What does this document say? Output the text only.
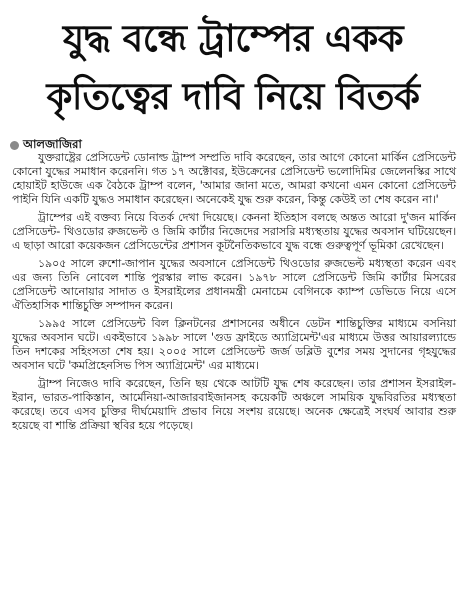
যুদ্ধ বন্ধে ট্রাম্পের একক
কৃতিত্বের দাবি নিয়ে বিতর্ক
আলজাজিরা

যুক্তরাষ্ট্রের প্রেসিডেন্ট ডোনাল্ড ট্রাম্প সম্প্রতি দাবি করেছেন, তার আগে কোনো মার্কিন প্রেসিডেন্ট কোনো যুদ্ধের সমাধান করেননি। গত ১৭ অক্টোবর, ইউক্রেনের প্রেসিডেন্ট ভলোদিমির জেলেনস্কির সাথে হোয়াইট হাউজে এক বৈঠকে ট্রাম্প বলেন, 'আমার জানা মতে, আমরা কখনো এমন কোনো প্রেসিডেন্ট পাইনি যিনি একটি যুদ্ধও সমাধান করেছেন। অনেকেই যুদ্ধ শুরু করেন, কিন্তু কেউই তা শেষ করেন না।'

ট্রাম্পের এই বক্তব্য নিয়ে বিতর্ক দেখা দিয়েছে। কেননা ইতিহাস বলছে অন্তত আরো দু'জন মার্কিন প্রেসিডেন্ট- থিওডোর রুজভেল্ট ও জিমি কার্টার নিজেদের সরাসরি মধ্যস্থতায় যুদ্ধের অবসান ঘটিয়েছেন। এ ছাড়া আরো কয়েকজন প্রেসিডেন্টের প্রশাসন কূটনৈতিকভাবে যুদ্ধ বন্ধে গুরুত্বপূর্ণ ভূমিকা রেখেছেন।

১৯০৫ সালে রুশো-জাপান যুদ্ধের অবসানে প্রেসিডেন্ট থিওডোর রুজভেল্ট মধ্যস্থতা করেন এবং এর জন্য তিনি নোবেল শান্তি পুরস্কার লাভ করেন। ১৯৭৮ সালে প্রেসিডেন্ট জিমি কার্টার মিসরের প্রেসিডেন্ট আনোয়ার সাদাত ও ইসরাইলের প্রধানমন্ত্রী মেনাচেম বেগিনকে ক্যাম্প ডেভিডে নিয়ে এসে ঐতিহাসিক শান্তিচুক্তি সম্পাদন করেন।

১৯৯৫ সালে প্রেসিডেন্ট বিল ক্লিনটনের প্রশাসনের অধীনে ডেটন শান্তিচুক্তির মাধ্যমে বসনিয়া যুদ্ধের অবসান ঘটে। একইভাবে ১৯৯৮ সালে 'গুড ফ্রাইডে অ্যাগ্রিমেন্ট'এর মাধ্যমে উত্তর আয়ারল্যান্ডে তিন দশকের সহিংসতা শেষ হয়। ২০০৫ সালে প্রেসিডেন্ট জর্জ ডব্লিউ বুশের সময় সুদানের গৃহযুদ্ধের অবসান ঘটে 'কমপ্রিহেনসিভ পিস অ্যাগ্রিমেন্ট' এর মাধ্যমে।

ট্রাম্প নিজেও দাবি করেছেন, তিনি ছয় থেকে আটটি যুদ্ধ শেষ করেছেন। তার প্রশাসন ইসরাইল-ইরান, ভারত-পাকিস্তান, আর্মেনিয়া-আজারবাইজানসহ কয়েকটি অঞ্চলে সাময়িক যুদ্ধবিরতির মধ্যস্থতা করেছে। তবে এসব চুক্তির দীর্ঘমেয়াদি প্রভাব নিয়ে সংশয় রয়েছে। অনেক ক্ষেত্রেই সংঘর্ষ আবার শুরু হয়েছে বা শান্তি প্রক্রিয়া স্থবির হয়ে পড়েছে।
